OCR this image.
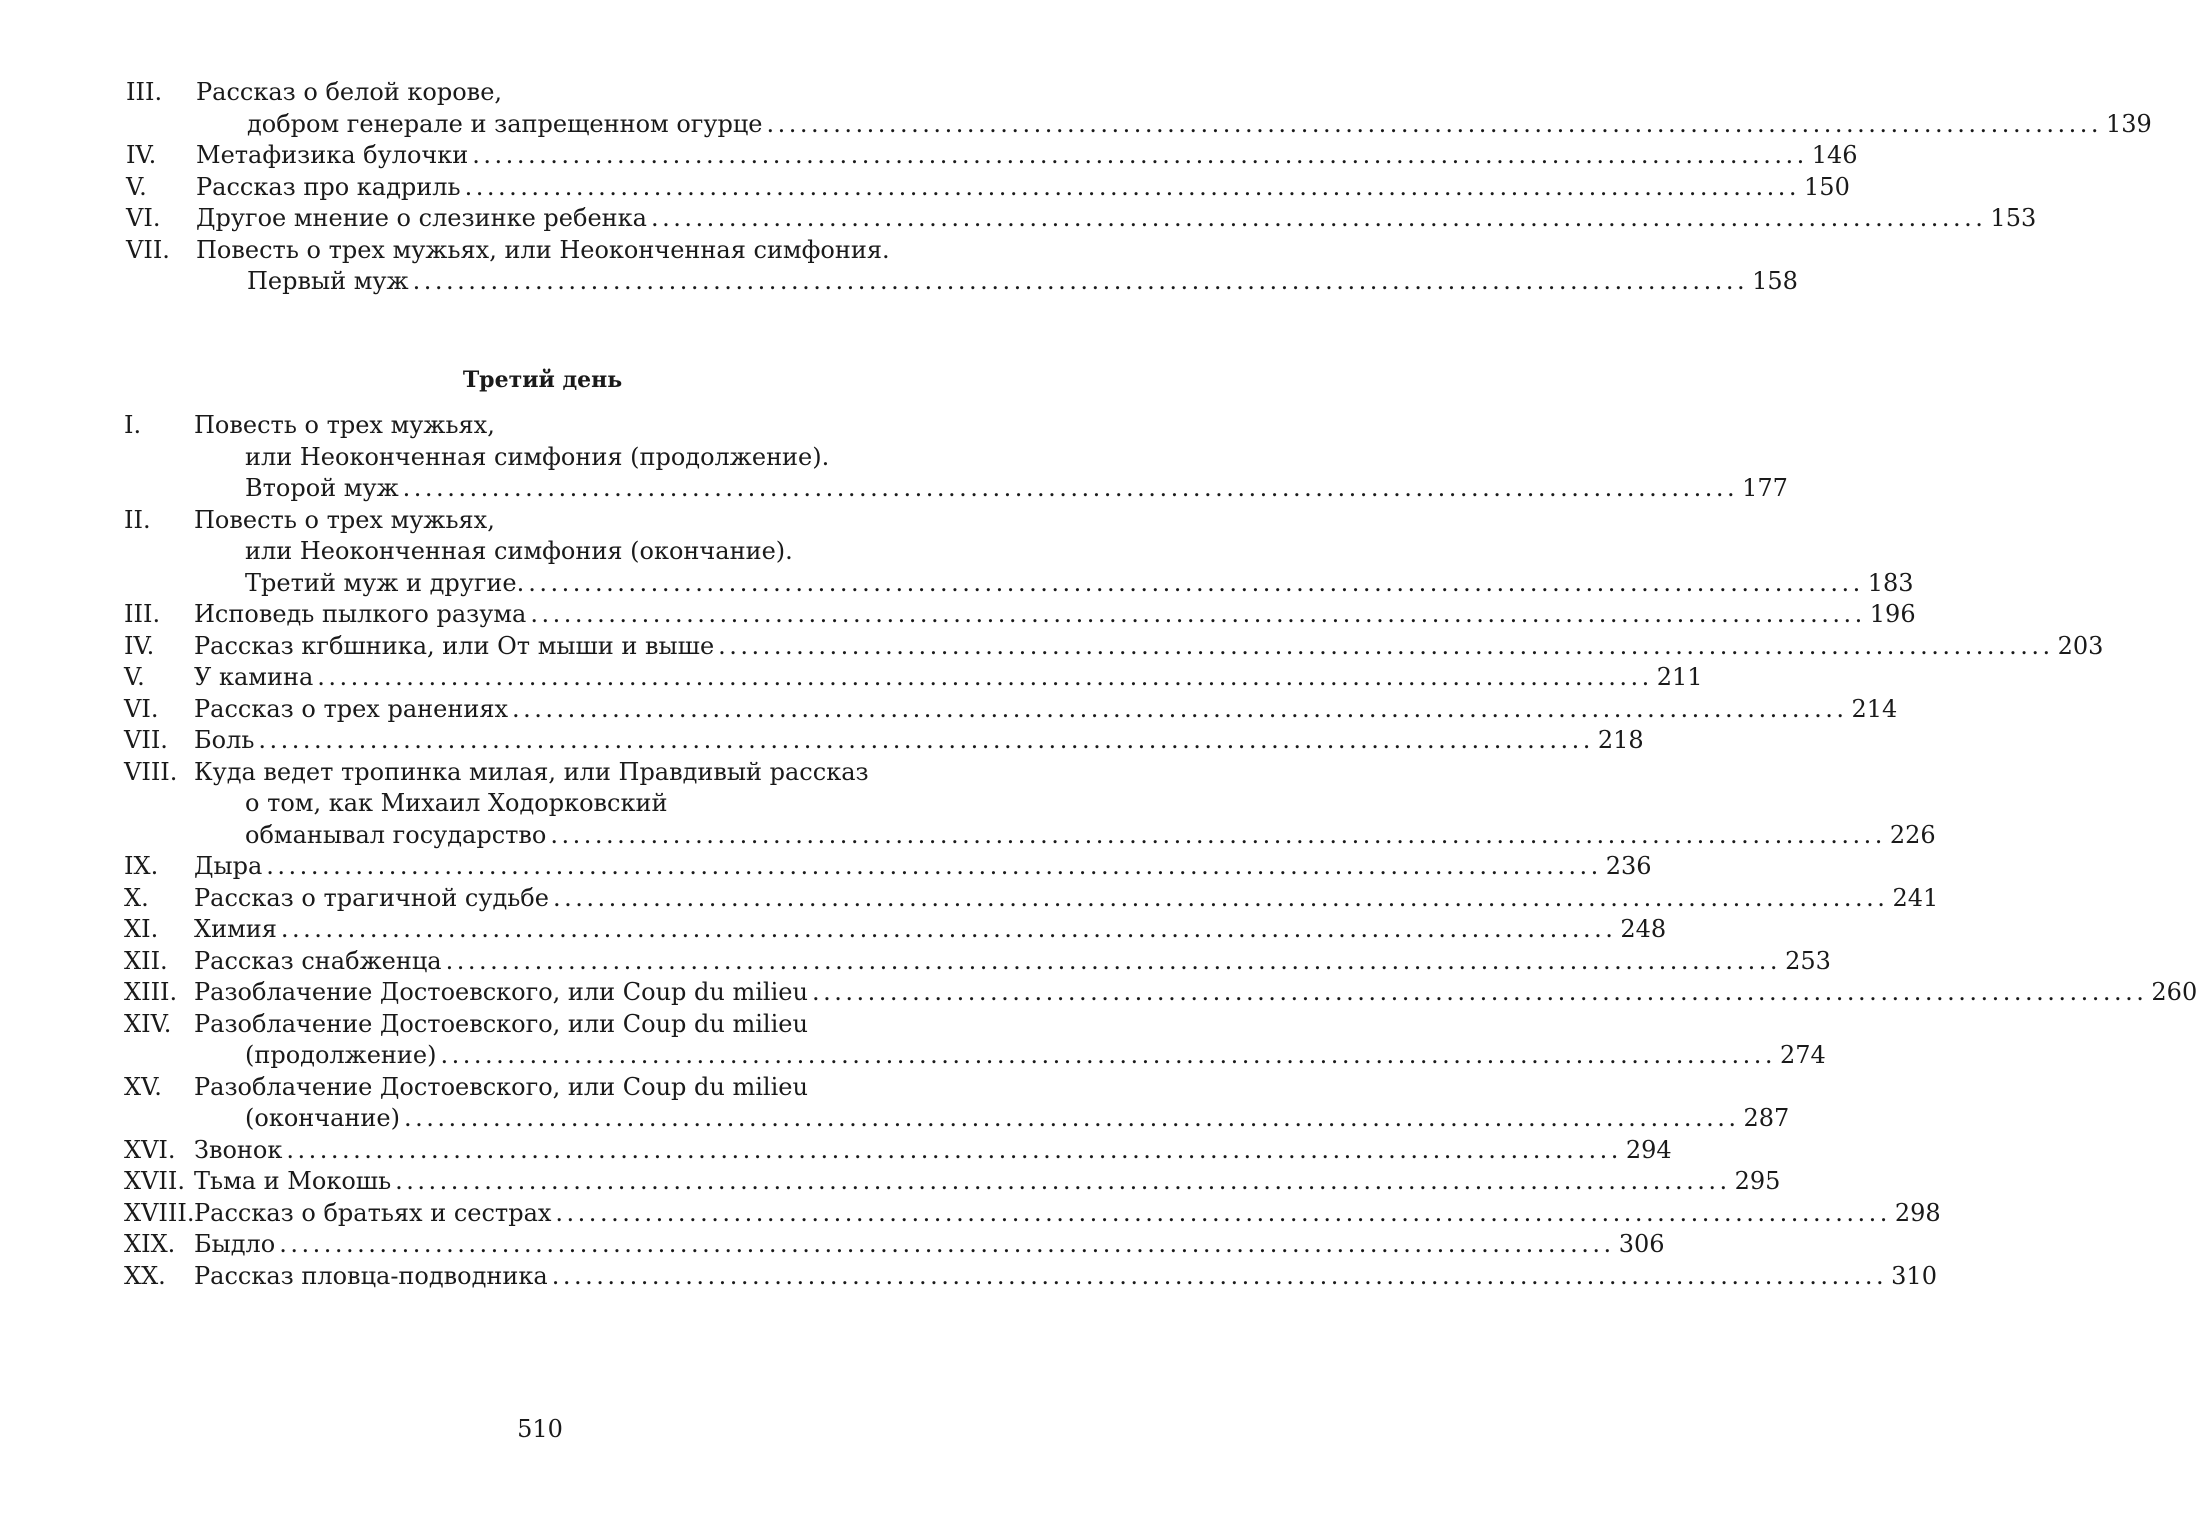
III. Рассказ о белой корове,
добром генерале и запрещенном огурце ........................................................................................................................ 139
IV. Метафизика булочки ........................................................................................................................ 146
V. Рассказ про кадриль ........................................................................................................................ 150
VI. Другое мнение о слезинке ребенка ........................................................................................................................ 153
VII. Повесть о трех мужьях, или Неоконченная симфония.
Первый муж ........................................................................................................................ 158
Третий день
I. Повесть о трех мужьях,
или Неоконченная симфония (продолжение).
Второй муж ........................................................................................................................ 177
II. Повесть о трех мужьях,
или Неоконченная симфония (окончание).
Третий муж и другие. ........................................................................................................................ 183
III. Исповедь пылкого разума ........................................................................................................................ 196
IV. Рассказ кгбшника, или От мыши и выше ........................................................................................................................ 203
V. У камина ........................................................................................................................ 211
VI. Рассказ о трех ранениях ........................................................................................................................ 214
VII. Боль ........................................................................................................................ 218
VIII. Куда ведет тропинка милая, или Правдивый рассказ
о том, как Михаил Ходорковский
обманывал государство ........................................................................................................................ 226
IX. Дыра ........................................................................................................................ 236
X. Рассказ о трагичной судьбе ........................................................................................................................ 241
XI. Химия ........................................................................................................................ 248
XII. Рассказ снабженца ........................................................................................................................ 253
XIII. Разоблачение Достоевского, или Coup du milieu ........................................................................................................................ 260
XIV. Разоблачение Достоевского, или Coup du milieu
(продолжение) ........................................................................................................................ 274
XV. Разоблачение Достоевского, или Coup du milieu
(окончание) ........................................................................................................................ 287
XVI. Звонок ........................................................................................................................ 294
XVII. Тьма и Мокошь ........................................................................................................................ 295
XVIII. Рассказ о братьях и сестрах ........................................................................................................................ 298
XIX. Быдло ........................................................................................................................ 306
XX. Рассказ пловца-подводника ........................................................................................................................ 310
510
